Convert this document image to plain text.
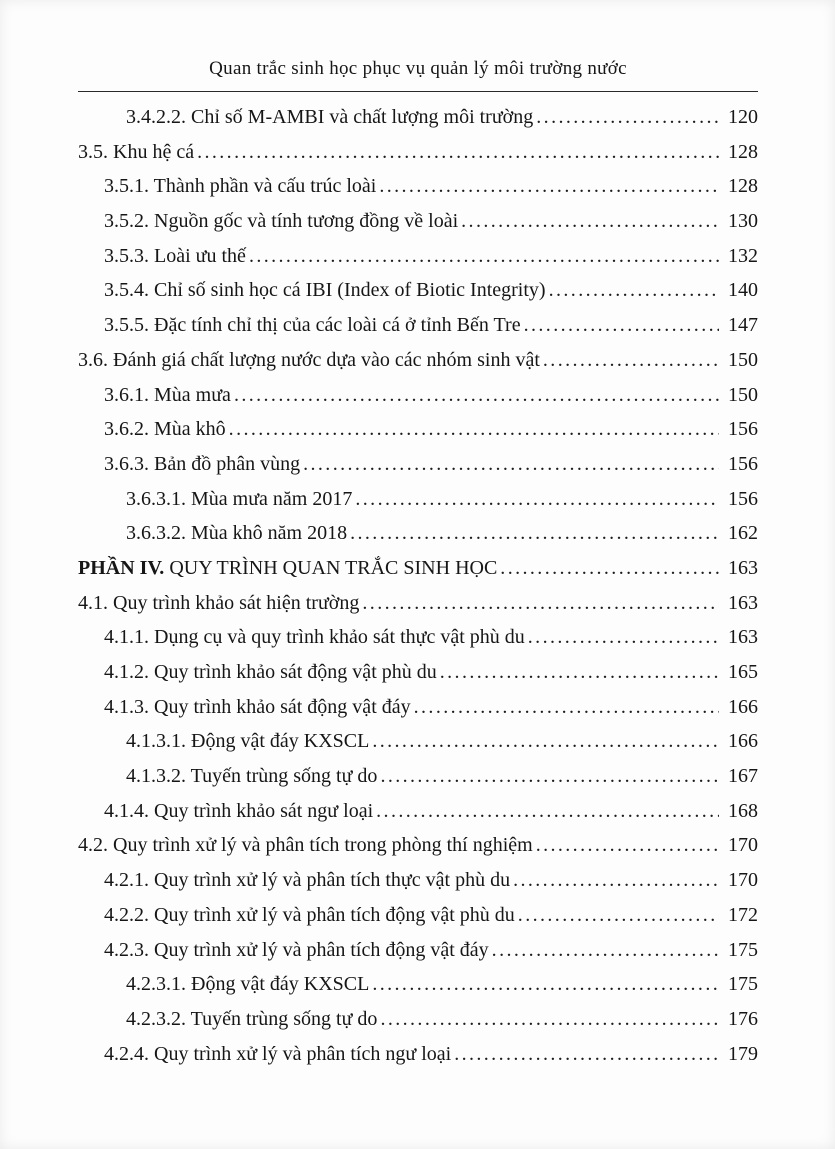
Quan trắc sinh học phục vụ quản lý môi trường nước
3.4.2.2. Chỉ số M-AMBI và chất lượng môi trường .....	120
3.5. Khu hệ cá .....	128
3.5.1. Thành phần và cấu trúc loài .....	128
3.5.2. Nguồn gốc và tính tương đồng về loài .....	130
3.5.3. Loài ưu thế .....	132
3.5.4. Chỉ số sinh học cá IBI (Index of Biotic Integrity) .....	140
3.5.5. Đặc tính chỉ thị của các loài cá ở tỉnh Bến Tre .....	147
3.6. Đánh giá chất lượng nước dựa vào các nhóm sinh vật .....	150
3.6.1. Mùa mưa .....	150
3.6.2. Mùa khô .....	156
3.6.3. Bản đồ phân vùng .....	156
3.6.3.1. Mùa mưa năm 2017 .....	156
3.6.3.2. Mùa khô năm 2018 .....	162
PHẦN IV. QUY TRÌNH QUAN TRẮC SINH HỌC .....	163
4.1. Quy trình khảo sát hiện trường .....	163
4.1.1. Dụng cụ và quy trình khảo sát thực vật phù du .....	163
4.1.2. Quy trình khảo sát động vật phù du .....	165
4.1.3. Quy trình khảo sát động vật đáy .....	166
4.1.3.1. Động vật đáy KXSCL .....	166
4.1.3.2. Tuyến trùng sống tự do .....	167
4.1.4. Quy trình khảo sát ngư loại .....	168
4.2. Quy trình xử lý và phân tích trong phòng thí nghiệm .....	170
4.2.1. Quy trình xử lý và phân tích thực vật phù du .....	170
4.2.2. Quy trình xử lý và phân tích động vật phù du .....	172
4.2.3. Quy trình xử lý và phân tích động vật đáy .....	175
4.2.3.1. Động vật đáy KXSCL .....	175
4.2.3.2. Tuyến trùng sống tự do .....	176
4.2.4. Quy trình xử lý và phân tích ngư loại .....	179
